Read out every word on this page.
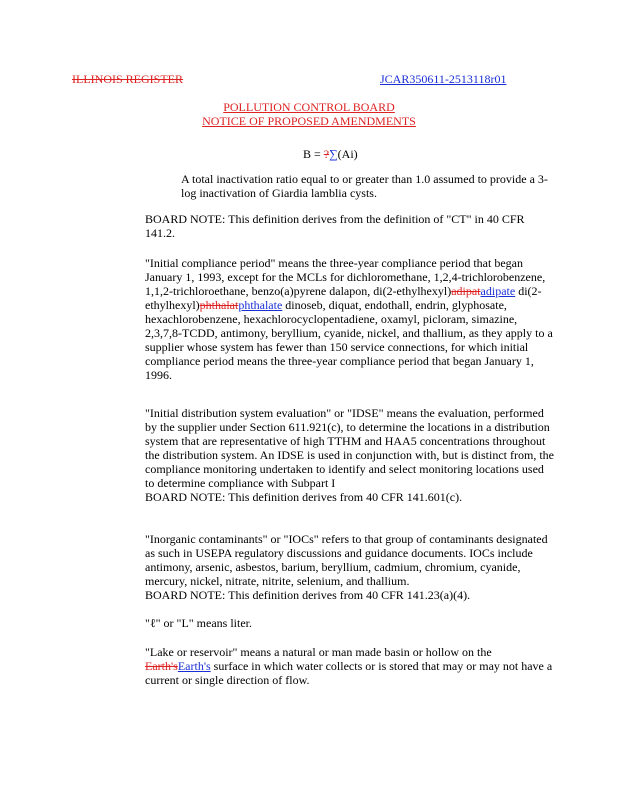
ILLINOIS REGISTER	JCAR350611-2513118r01
POLLUTION CONTROL BOARD
NOTICE OF PROPOSED AMENDMENTS
B = ?∑(Ai)

A total inactivation ratio equal to or greater than 1.0 assumed to provide a 3-log inactivation of Giardia lamblia cysts.

BOARD NOTE: This definition derives from the definition of "CT" in 40 CFR 141.2.

"Initial compliance period" means the three-year compliance period that began January 1, 1993, except for the MCLs for dichloromethane, 1,2,4-trichlorobenzene, 1,1,2-trichloroethane, benzo(a)pyrene dalapon, di(2-ethylhexyl)adipatadipate di(2-ethylhexyl)phthalatphthalate dinoseb, diquat, endothall, endrin, glyphosate, hexachlorobenzene, hexachlorocyclopentadiene, oxamyl, picloram, simazine, 2,3,7,8-TCDD, antimony, beryllium, cyanide, nickel, and thallium, as they apply to a supplier whose system has fewer than 150 service connections, for which initial compliance period means the three-year compliance period that began January 1, 1996.

"Initial distribution system evaluation" or "IDSE" means the evaluation, performed by the supplier under Section 611.921(c), to determine the locations in a distribution system that are representative of high TTHM and HAA5 concentrations throughout the distribution system. An IDSE is used in conjunction with, but is distinct from, the compliance monitoring undertaken to identify and select monitoring locations used to determine compliance with Subpart I

BOARD NOTE: This definition derives from 40 CFR 141.601(c).

"Inorganic contaminants" or "IOCs" refers to that group of contaminants designated as such in USEPA regulatory discussions and guidance documents. IOCs include antimony, arsenic, asbestos, barium, beryllium, cadmium, chromium, cyanide, mercury, nickel, nitrate, nitrite, selenium, and thallium.

BOARD NOTE: This definition derives from 40 CFR 141.23(a)(4).

"ℓ" or "L" means liter.

"Lake or reservoir" means a natural or man made basin or hollow on the Earth'sEarth's surface in which water collects or is stored that may or may not have a current or single direction of flow.
